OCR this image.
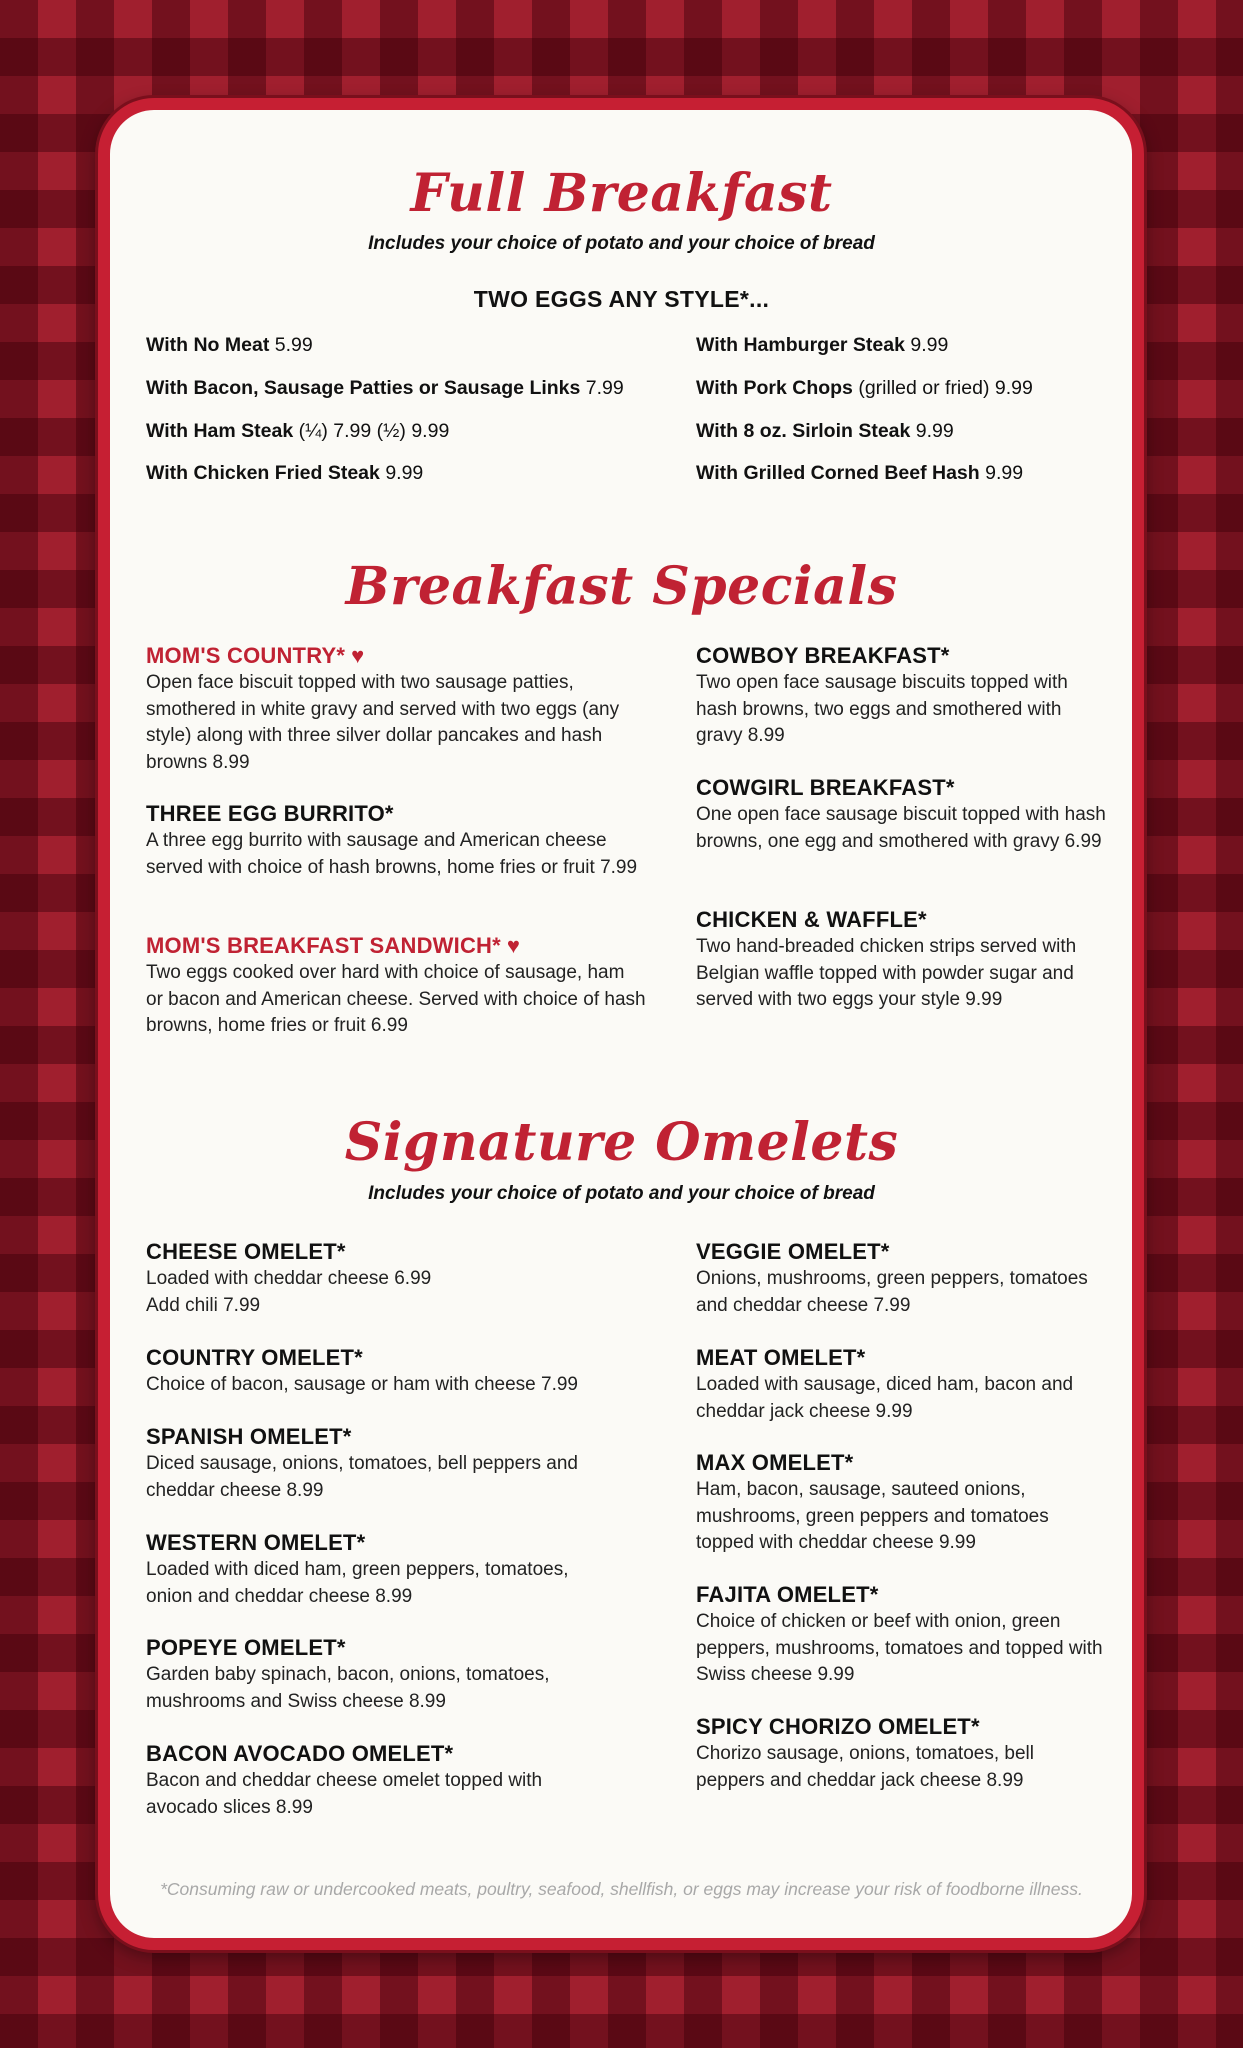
Full Breakfast
Includes your choice of potato and your choice of bread
TWO EGGS ANY STYLE*...
With No Meat 5.99
With Bacon, Sausage Patties or Sausage Links 7.99
With Ham Steak (¼) 7.99 (½) 9.99
With Chicken Fried Steak 9.99
With Hamburger Steak 9.99
With Pork Chops (grilled or fried) 9.99
With 8 oz. Sirloin Steak 9.99
With Grilled Corned Beef Hash 9.99
Breakfast Specials

MOM'S COUNTRY* ♥

Open face biscuit topped with two sausage patties, smothered in white gravy and served with two eggs (any style) along with three silver dollar pancakes and hash browns 8.99

THREE EGG BURRITO*

A three egg burrito with sausage and American cheese served with choice of hash browns, home fries or fruit 7.99

MOM'S BREAKFAST SANDWICH* ♥

Two eggs cooked over hard with choice of sausage, ham or bacon and American cheese. Served with choice of hash browns, home fries or fruit 6.99

COWBOY BREAKFAST*

Two open face sausage biscuits topped with hash browns, two eggs and smothered with gravy 8.99

COWGIRL BREAKFAST*

One open face sausage biscuit topped with hash browns, one egg and smothered with gravy 6.99

CHICKEN & WAFFLE*

Two hand-breaded chicken strips served with Belgian waffle topped with powder sugar and served with two eggs your style 9.99

Signature Omelets
Includes your choice of potato and your choice of bread

CHEESE OMELET*

Loaded with cheddar cheese 6.99

Add chili 7.99

COUNTRY OMELET*

Choice of bacon, sausage or ham with cheese 7.99

SPANISH OMELET*

Diced sausage, onions, tomatoes, bell peppers and cheddar cheese 8.99

WESTERN OMELET*

Loaded with diced ham, green peppers, tomatoes, onion and cheddar cheese 8.99

POPEYE OMELET*

Garden baby spinach, bacon, onions, tomatoes, mushrooms and Swiss cheese 8.99

BACON AVOCADO OMELET*

Bacon and cheddar cheese omelet topped with avocado slices 8.99

VEGGIE OMELET*

Onions, mushrooms, green peppers, tomatoes and cheddar cheese 7.99

MEAT OMELET*

Loaded with sausage, diced ham, bacon and cheddar jack cheese 9.99

MAX OMELET*

Ham, bacon, sausage, sauteed onions, mushrooms, green peppers and tomatoes topped with cheddar cheese 9.99

FAJITA OMELET*

Choice of chicken or beef with onion, green peppers, mushrooms, tomatoes and topped with Swiss cheese 9.99

SPICY CHORIZO OMELET*

Chorizo sausage, onions, tomatoes, bell peppers and cheddar jack cheese 8.99

*Consuming raw or undercooked meats, poultry, seafood, shellfish, or eggs may increase your risk of foodborne illness.
